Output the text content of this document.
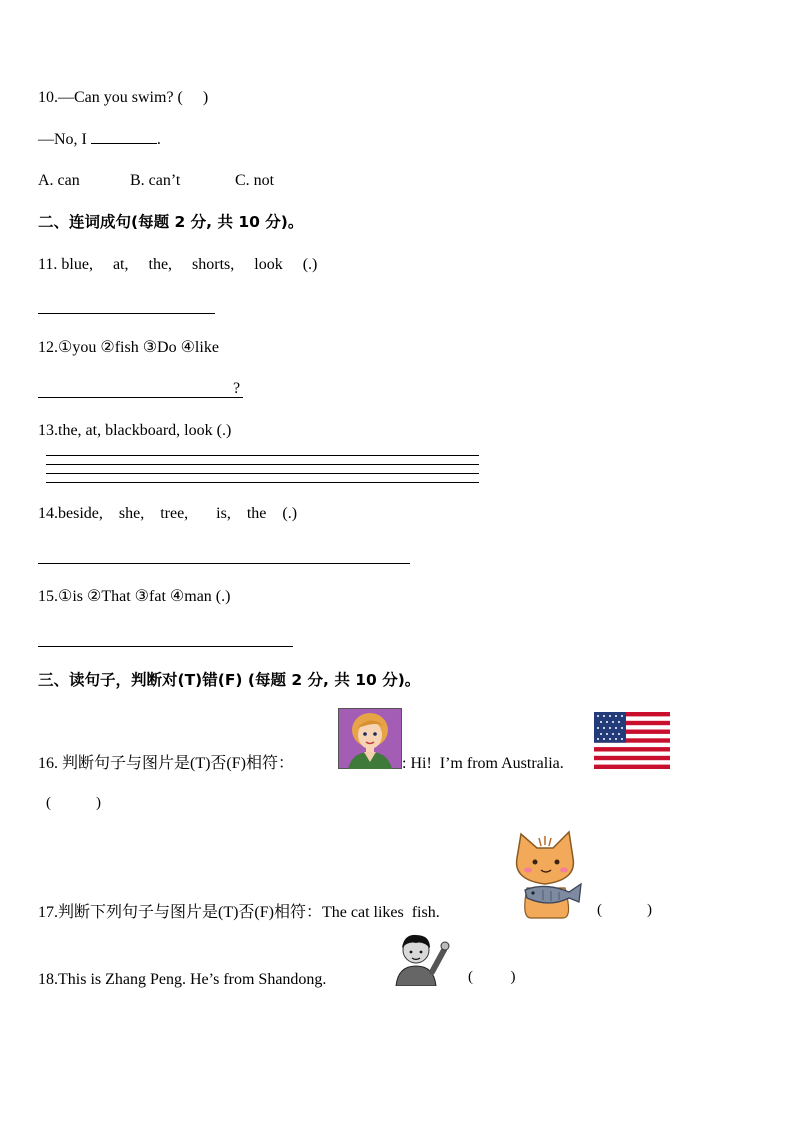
10.—Can you swim? (     )
—No, I	.
A. can	B. can’t	C. not
二、连词成句(每题 2 分, 共 10 分)。
11. blue,     at,     the,     shorts,     look     (.)
12.①you ②fish ③Do ④like
?
13.the, at, blackboard, look (.)
14.beside,    she,    tree,       is,    the    (.)
15.①is ②That ③fat ④man (.)
三、读句子，判断对(T)错(F) (每题 2 分, 共 10 分)。
16. 判断句子与图片是(T)否(F)相符：	: Hi!  I’m from Australia.
(            )
17.判断下列句子与图片是(T)否(F)相符：The cat likes  fish.	(            )
18.This is Zhang Peng. He’s from Shandong.	(          )
